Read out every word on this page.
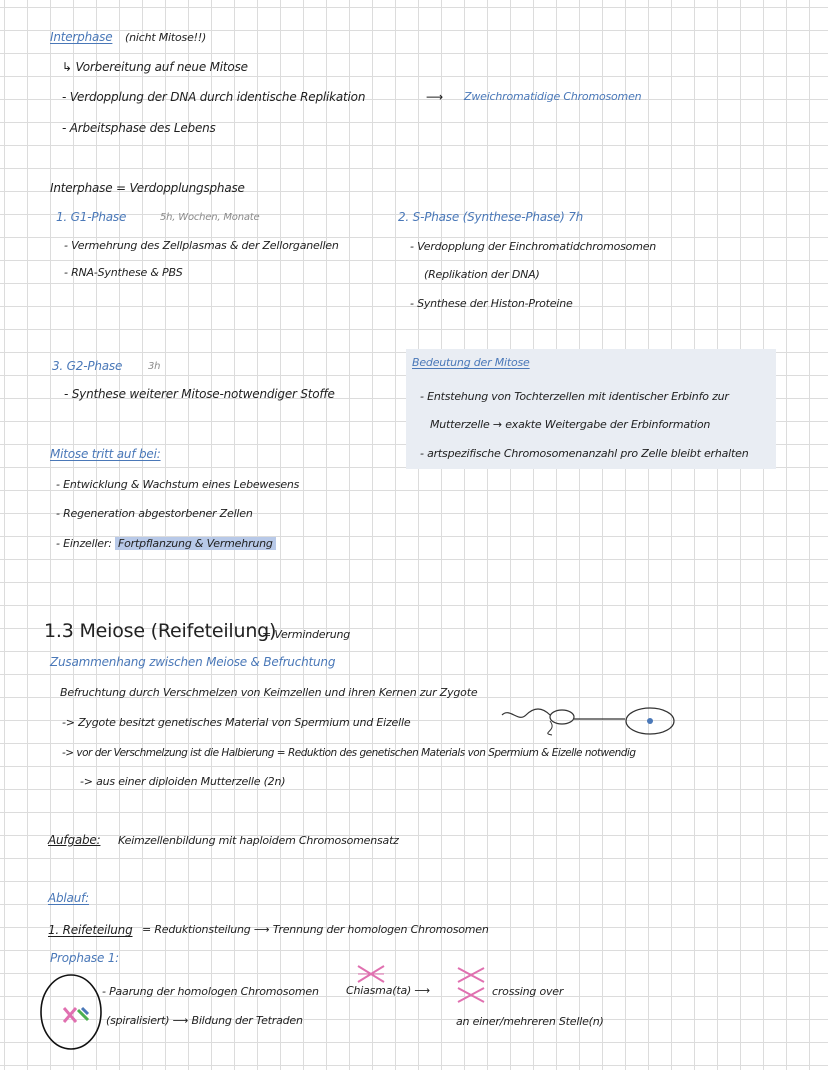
Interphase (nicht Mitose!!)
↳ Vorbereitung auf neue Mitose
- Verdopplung der DNA durch identische Replikation	⟶ Zweichromatidige Chromosomen
- Arbeitsphase des Lebens
Interphase = Verdopplungsphase
1. G1-Phase	5h, Wochen, Monate
- Vermehrung des Zellplasmas & der Zellorganellen
- RNA-Synthese & PBS
2. S-Phase (Synthese-Phase) 7h
- Verdopplung der Einchromatidchromosomen
(Replikation der DNA)
- Synthese der Histon-Proteine
3. G2-Phase	3h
- Synthese weiterer Mitose-notwendiger Stoffe
Bedeutung der Mitose
- Entstehung von Tochterzellen mit identischer Erbinfo zur
Mutterzelle → exakte Weitergabe der Erbinformation
- artspezifische Chromosomenanzahl pro Zelle bleibt erhalten
Mitose tritt auf bei:
- Entwicklung & Wachstum eines Lebewesens
- Regeneration abgestorbener Zellen
- Einzeller: Fortpflanzung & Vermehrung
1.3 Meiose (Reifeteilung)
= Verminderung
Zusammenhang zwischen Meiose & Befruchtung
Befruchtung durch Verschmelzen von Keimzellen und ihren Kernen zur Zygote
-> Zygote besitzt genetisches Material von Spermium und Eizelle
-> vor der Verschmelzung ist die Halbierung = Reduktion des genetischen Materials von Spermium & Eizelle notwendig
-> aus einer diploiden Mutterzelle (2n)
Aufgabe: Keimzellenbildung mit haploidem Chromosomensatz
Ablauf:
1. Reifeteilung = Reduktionsteilung ⟶ Trennung der homologen Chromosomen
Prophase 1:
- Paarung der homologen Chromosomen
(spiralisiert) ⟶ Bildung der Tetraden
Chiasma(ta) ⟶	crossing over
an einer/mehreren Stelle(n)
